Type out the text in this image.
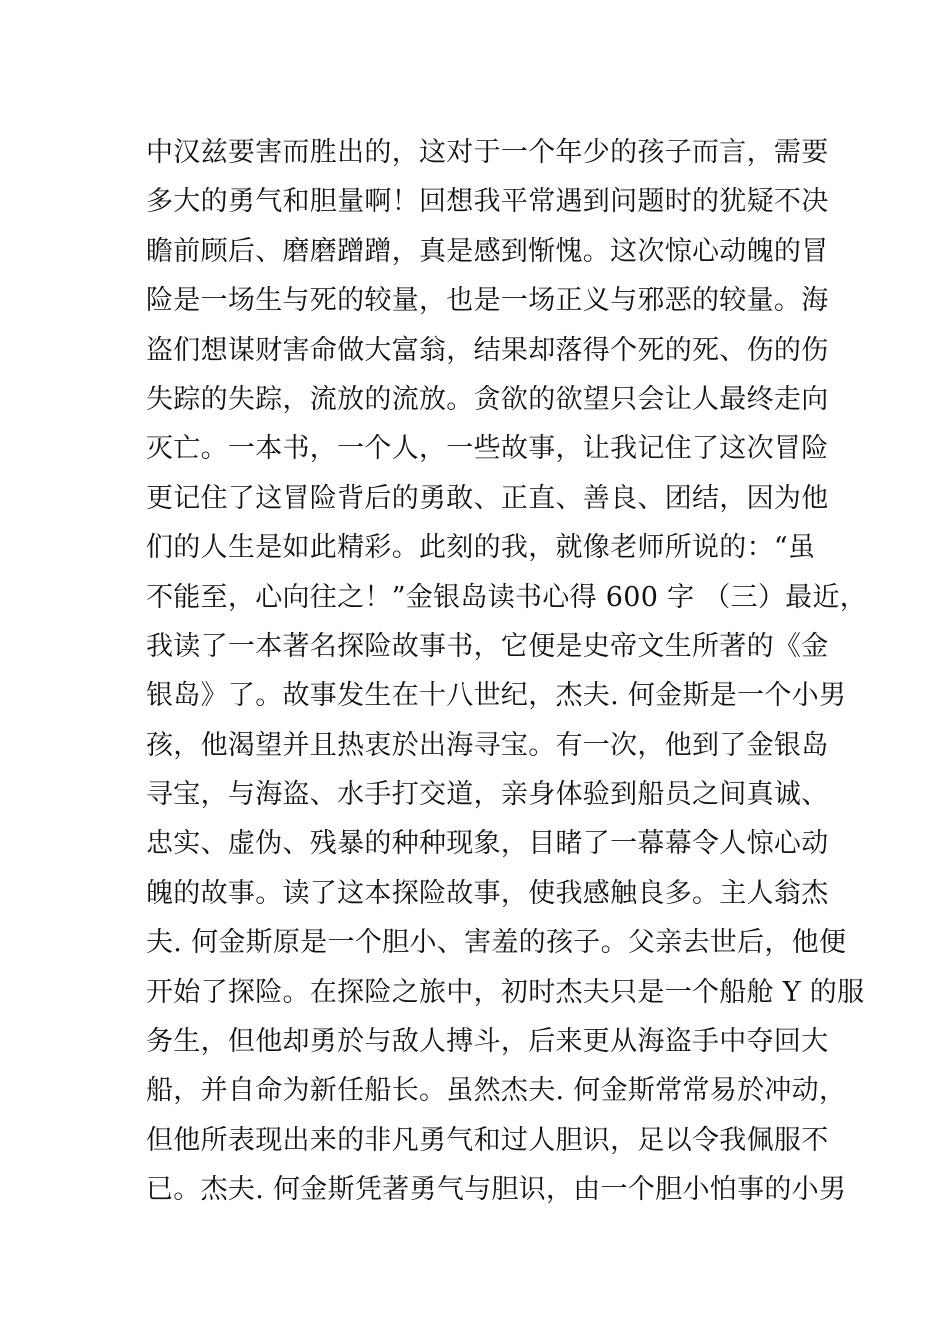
中汉兹要害而胜出的，这对于一个年少的孩子而言，需要
多大的勇气和胆量啊！回想我平常遇到问题时的犹疑不决
瞻前顾后、磨磨蹭蹭，真是感到惭愧。这次惊心动魄的冒
险是一场生与死的较量，也是一场正义与邪恶的较量。海
盗们想谋财害命做大富翁，结果却落得个死的死、伤的伤
失踪的失踪，流放的流放。贪欲的欲望只会让人最终走向
灭亡。一本书，一个人，一些故事，让我记住了这次冒险
更记住了这冒险背后的勇敢、正直、善良、团结，因为他
们的人生是如此精彩。此刻的我，就像老师所说的：“虽
不能至，心向往之！”金银岛读书心得 600 字 （三）最近，
我读了一本著名探险故事书，它便是史帝文生所著的《金
银岛》了。故事发生在十八世纪，杰夫. 何金斯是一个小男
孩，他渴望并且热衷於出海寻宝。有一次，他到了金银岛
寻宝，与海盗、水手打交道，亲身体验到船员之间真诚、
忠实、虚伪、残暴的种种现象，目睹了一幕幕令人惊心动
魄的故事。读了这本探险故事，使我感触良多。主人翁杰
夫. 何金斯原是一个胆小、害羞的孩子。父亲去世后，他便
开始了探险。在探险之旅中，初时杰夫只是一个船舱 Y 的服
务生，但他却勇於与敌人搏斗，后来更从海盗手中夺回大
船，并自命为新任船长。虽然杰夫. 何金斯常常易於冲动，
但他所表现出来的非凡勇气和过人胆识，足以令我佩服不
已。杰夫. 何金斯凭著勇气与胆识，由一个胆小怕事的小男
